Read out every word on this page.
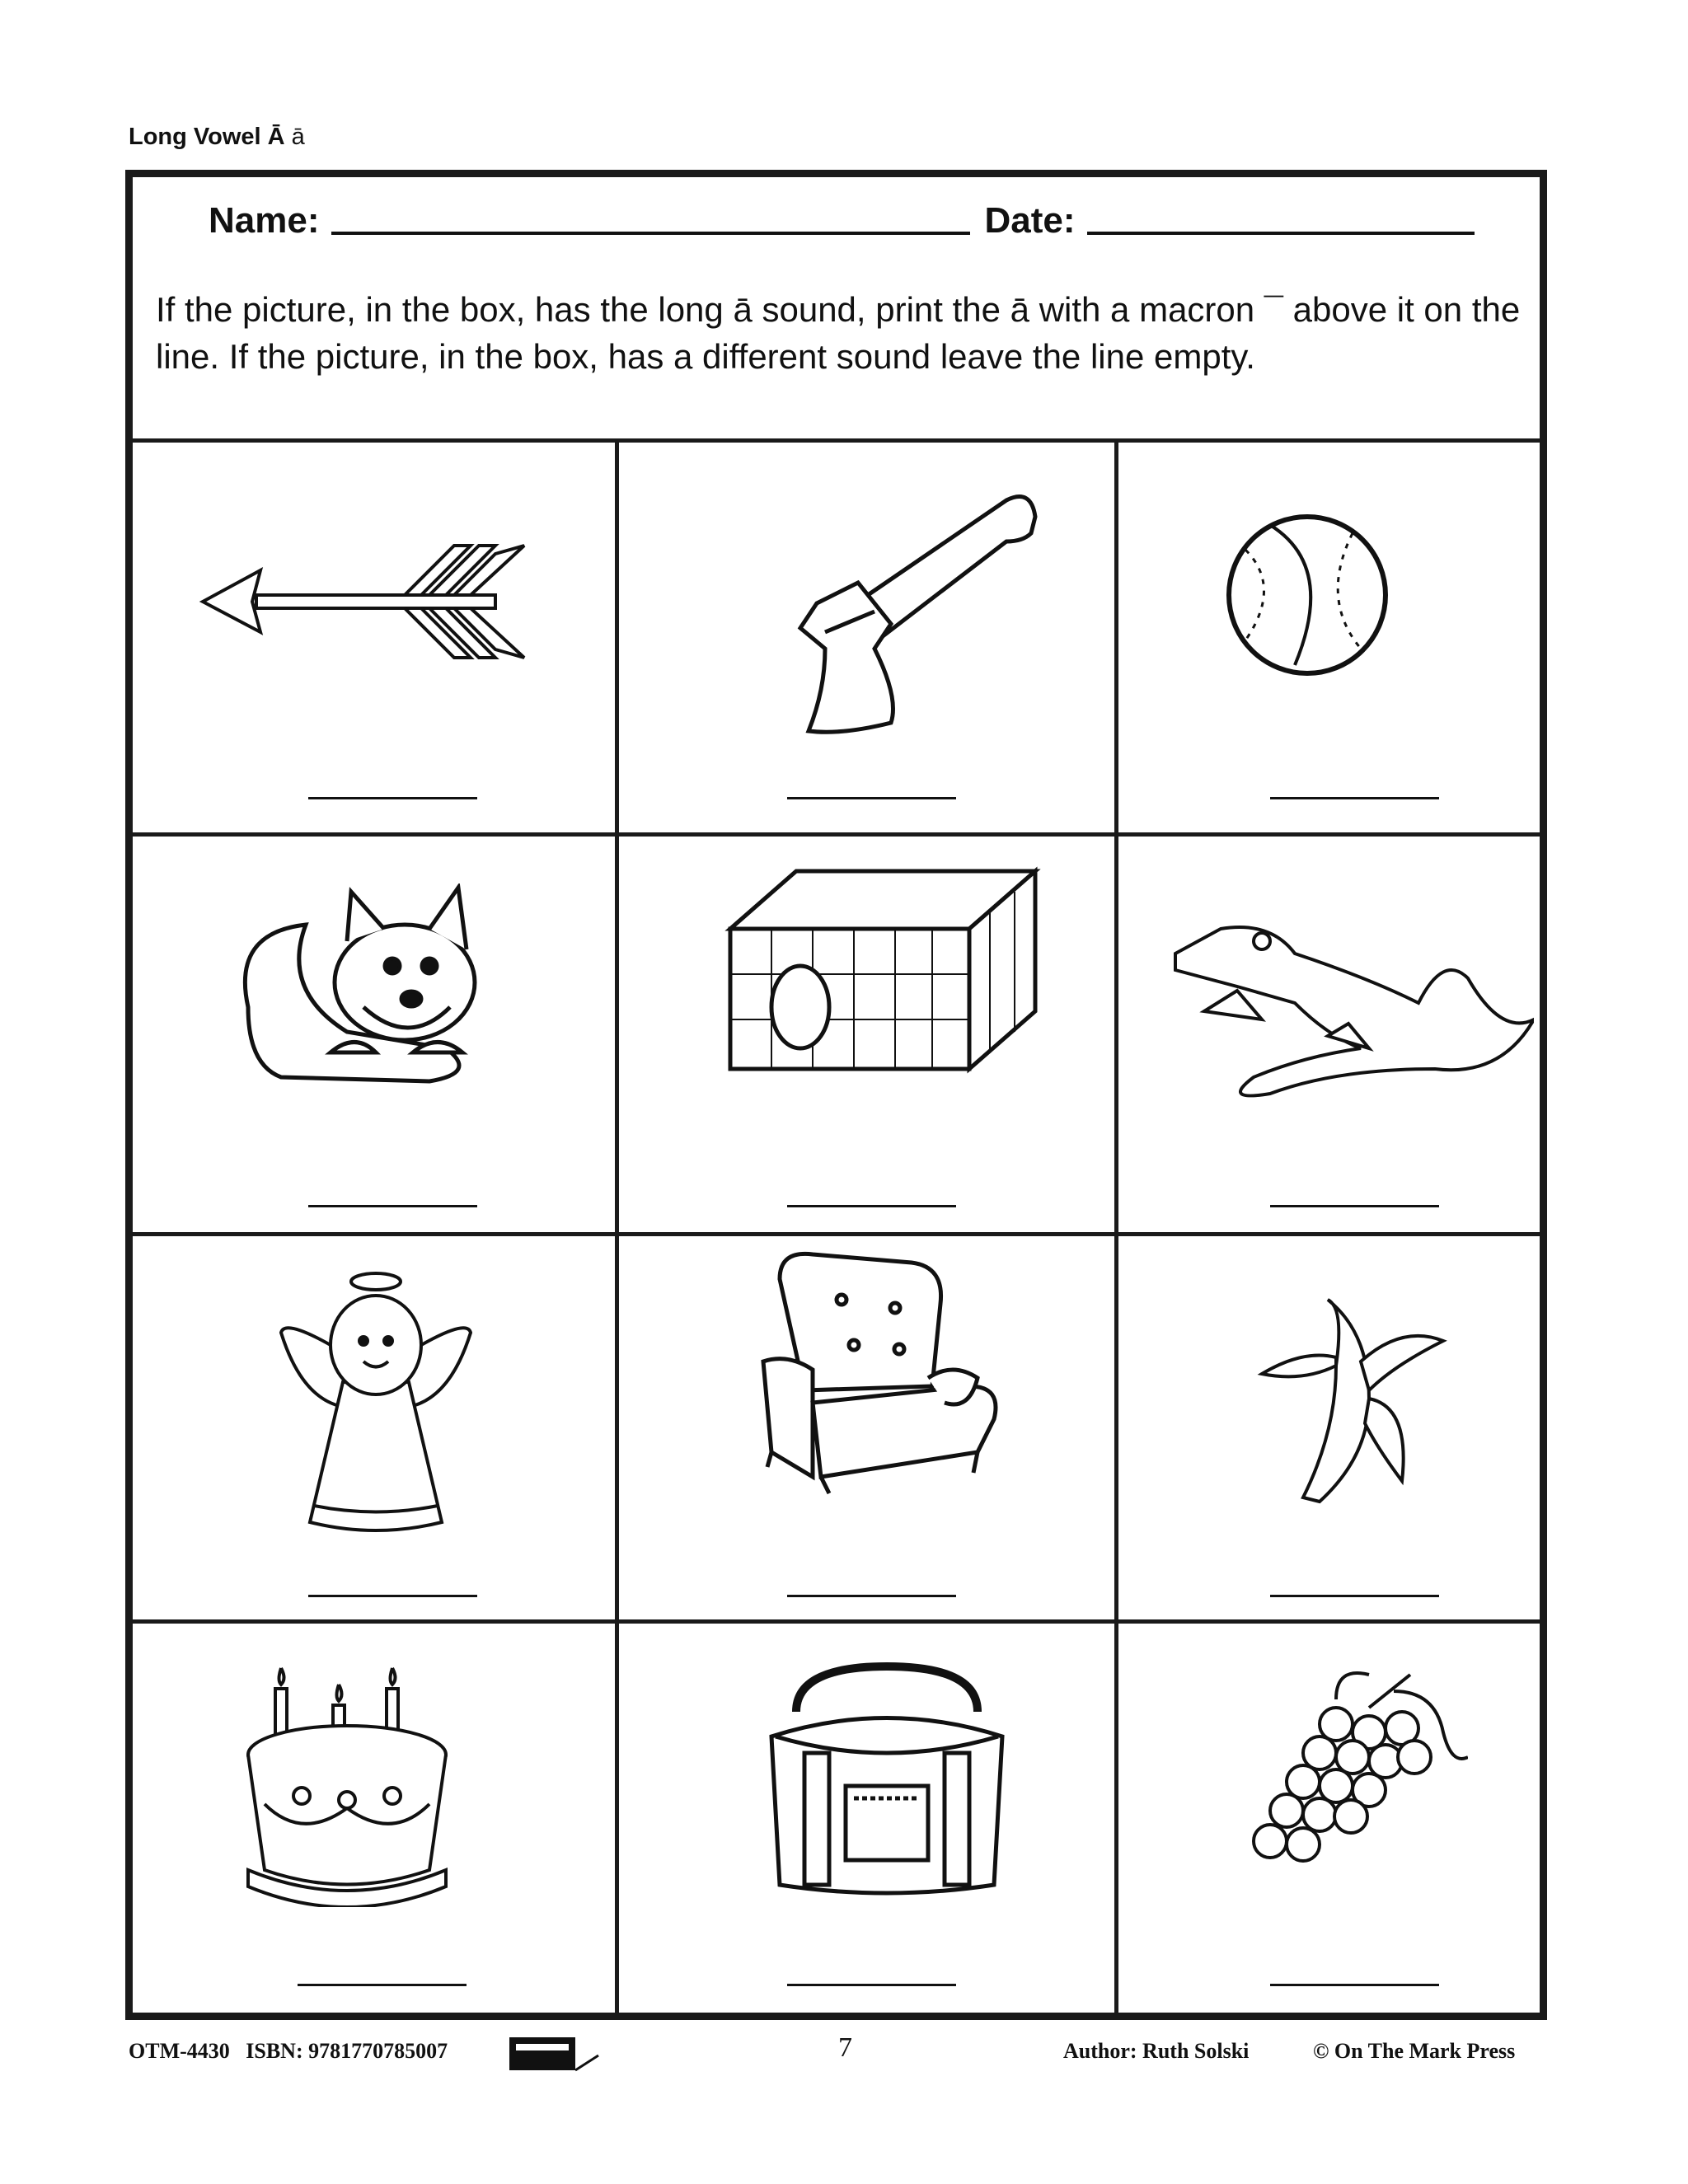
Long Vowel Ā ā
Name:	Date:
If the picture, in the box, has the long ā sound, print the ā with a macron ¯ above it on the line. If the picture, in the box, has a different sound leave the line empty.
OTM-4430 ISBN: 9781770785007	7	Author: Ruth Solski	© On The Mark Press
